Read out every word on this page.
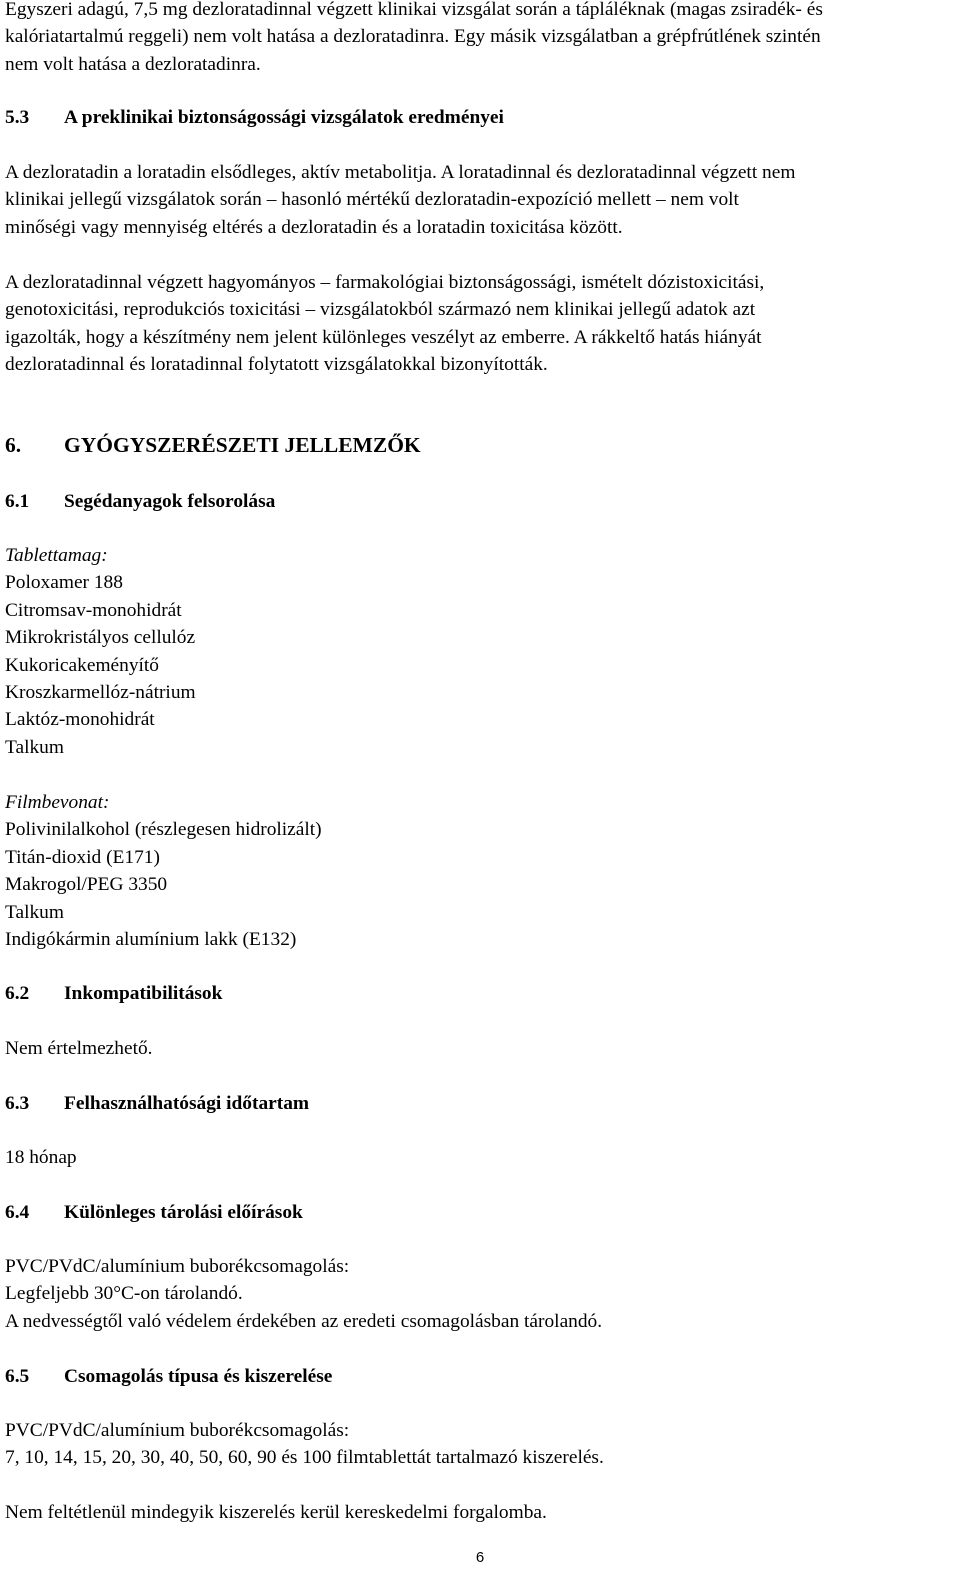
Egyszeri adagú, 7,5 mg dezloratadinnal végzett klinikai vizsgálat során a tápláléknak (magas zsiradék- és

kalóriatartalmú reggeli) nem volt hatása a dezloratadinra. Egy másik vizsgálatban a grépfrútlének szintén

nem volt hatása a dezloratadinra.

5.3	A preklinikai biztonságossági vizsgálatok eredményei

A dezloratadin a loratadin elsődleges, aktív metabolitja. A loratadinnal és dezloratadinnal végzett nem

klinikai jellegű vizsgálatok során – hasonló mértékű dezloratadin-expozíció mellett – nem volt

minőségi vagy mennyiség eltérés a dezloratadin és a loratadin toxicitása között.

A dezloratadinnal végzett hagyományos – farmakológiai biztonságossági, ismételt dózistoxicitási,

genotoxicitási, reprodukciós toxicitási – vizsgálatokból származó nem klinikai jellegű adatok azt

igazolták, hogy a készítmény nem jelent különleges veszélyt az emberre. A rákkeltő hatás hiányát

dezloratadinnal és loratadinnal folytatott vizsgálatokkal bizonyították.

6.	GYÓGYSZERÉSZETI JELLEMZŐK
6.1	Segédanyagok felsorolása

Tablettamag:

Poloxamer 188
Citromsav-monohidrát
Mikrokristályos cellulóz
Kukoricakeményítő
Kroszkarmellóz-nátrium
Laktóz-monohidrát
Talkum

Filmbevonat:

Polivinilalkohol (részlegesen hidrolizált)
Titán-dioxid (E171)
Makrogol/PEG 3350
Talkum
Indigókármin alumínium lakk (E132)
6.2	Inkompatibilitások

Nem értelmezhető.

6.3	Felhasználhatósági időtartam

18 hónap

6.4	Különleges tárolási előírások

PVC/PVdC/alumínium buborékcsomagolás:

Legfeljebb 30°C-on tárolandó.

A nedvességtől való védelem érdekében az eredeti csomagolásban tárolandó.

6.5	Csomagolás típusa és kiszerelése

PVC/PVdC/alumínium buborékcsomagolás:

7, 10, 14, 15, 20, 30, 40, 50, 60, 90 és 100 filmtablettát tartalmazó kiszerelés.

Nem feltétlenül mindegyik kiszerelés kerül kereskedelmi forgalomba.

6
